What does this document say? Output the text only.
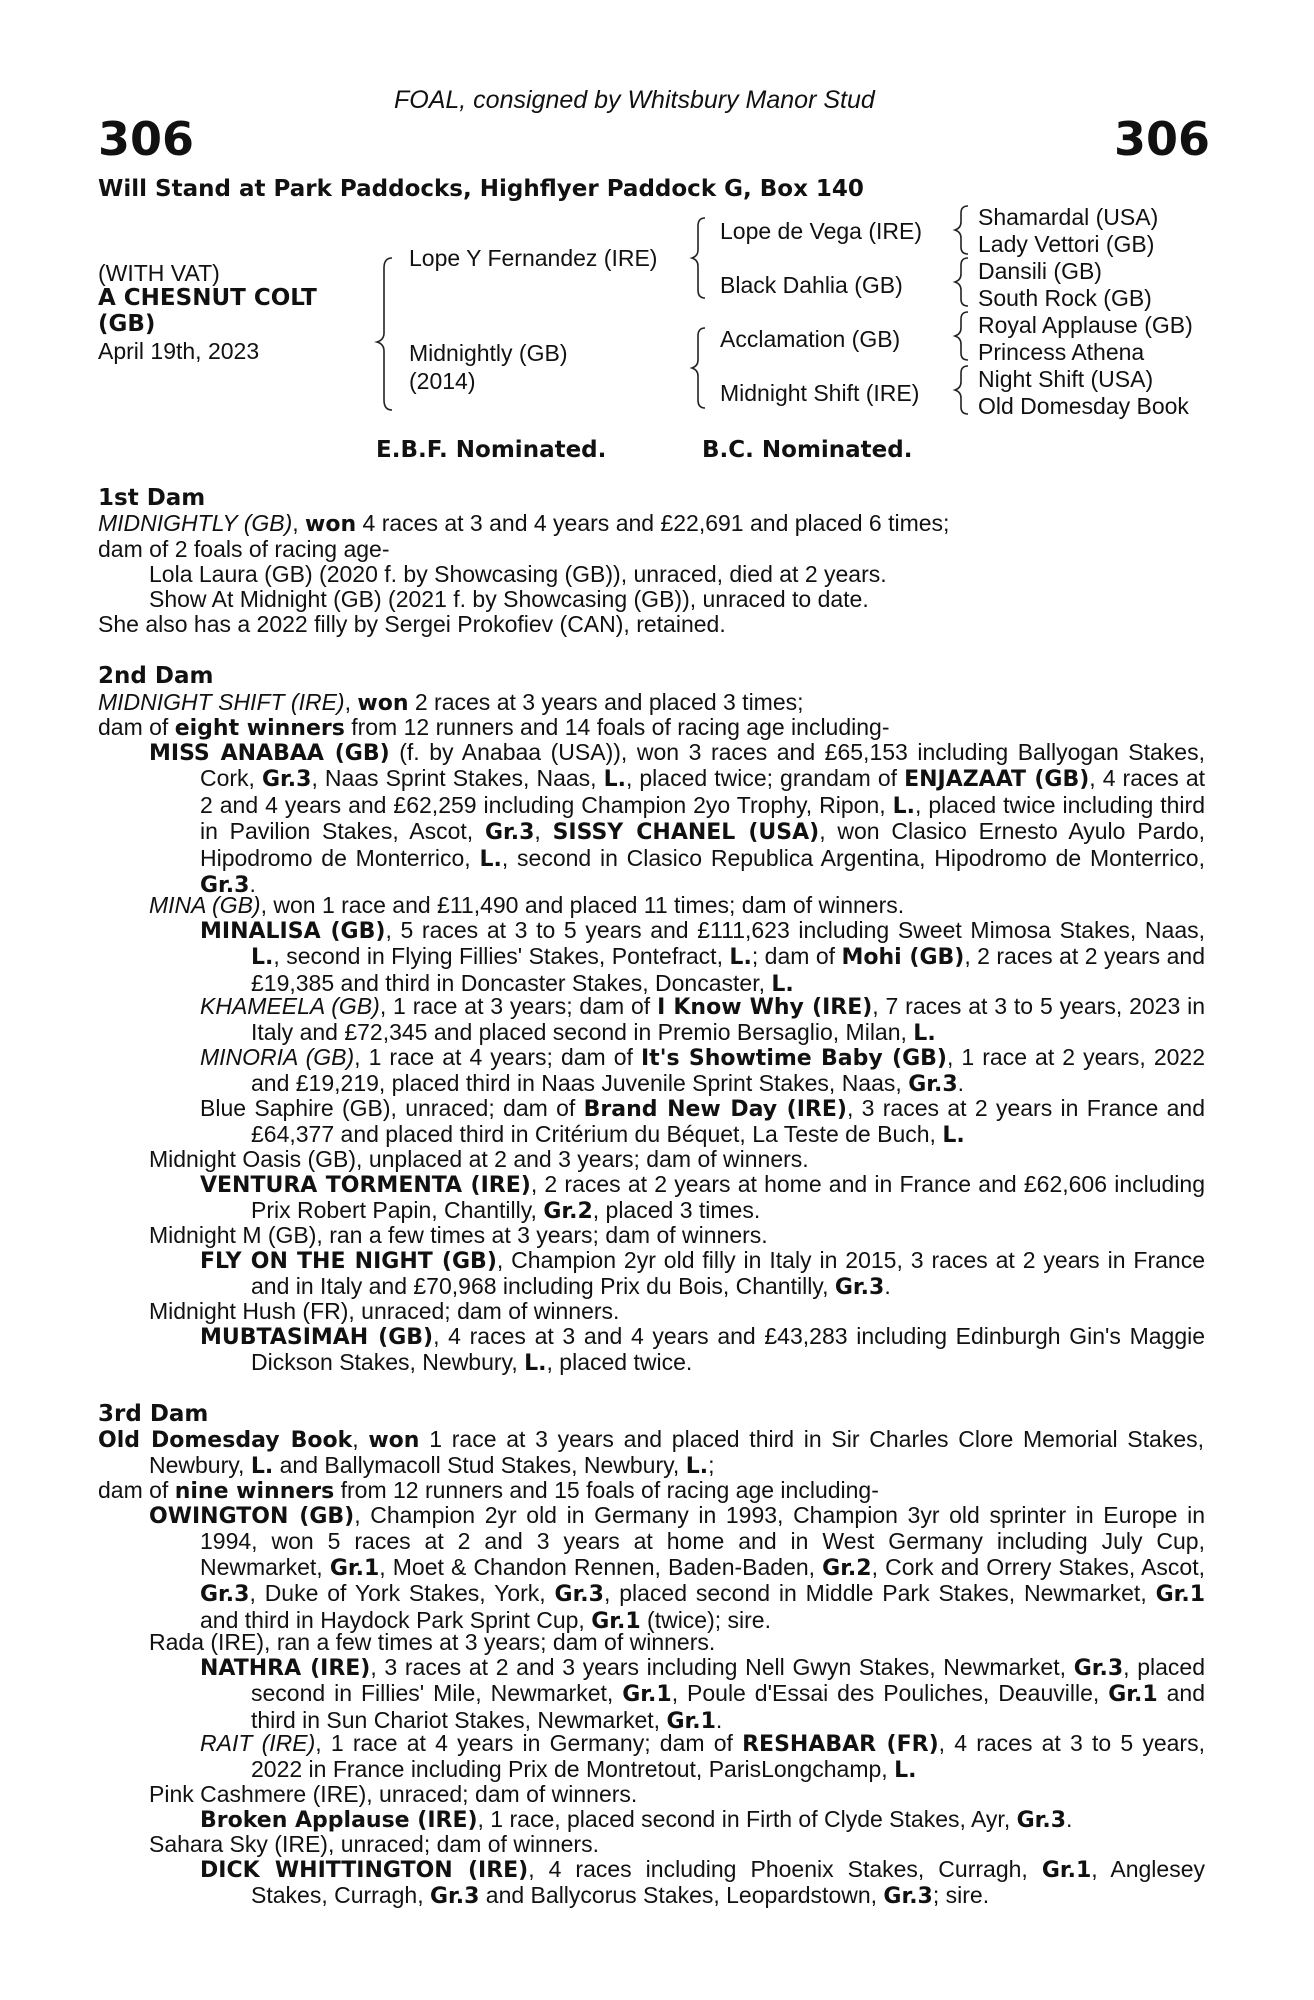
FOAL, consigned by Whitsbury Manor Stud
306	306
Will Stand at Park Paddocks, Highflyer Paddock G, Box 140
(WITH VAT)
A CHESNUT COLT
(GB)
April 19th, 2023
Lope Y Fernandez (IRE)
Midnightly (GB)
(2014)
Lope de Vega (IRE)
Black Dahlia (GB)
Acclamation (GB)
Midnight Shift (IRE)
Shamardal (USA)
Lady Vettori (GB)
Dansili (GB)
South Rock (GB)
Royal Applause (GB)
Princess Athena
Night Shift (USA)
Old Domesday Book
E.B.F. Nominated.	B.C. Nominated.
1st Dam
MIDNIGHTLY (GB), won 4 races at 3 and 4 years and £22,691 and placed 6 times;
dam of 2 foals of racing age-
Lola Laura (GB) (2020 f. by Showcasing (GB)), unraced, died at 2 years.
Show At Midnight (GB) (2021 f. by Showcasing (GB)), unraced to date.
She also has a 2022 filly by Sergei Prokofiev (CAN), retained.
2nd Dam
MIDNIGHT SHIFT (IRE), won 2 races at 3 years and placed 3 times;
dam of eight winners from 12 runners and 14 foals of racing age including-
MISS ANABAA (GB) (f. by Anabaa (USA)), won 3 races and £65,153 including Ballyogan Stakes, Cork, Gr.3, Naas Sprint Stakes, Naas, L., placed twice; grandam of ENJAZAAT (GB), 4 races at 2 and 4 years and £62,259 including Champion 2yo Trophy, Ripon, L., placed twice including third in Pavilion Stakes, Ascot, Gr.3, SISSY CHANEL (USA), won Clasico Ernesto Ayulo Pardo, Hipodromo de Monterrico, L., second in Clasico Republica Argentina, Hipodromo de Monterrico, Gr.3.
MINA (GB), won 1 race and £11,490 and placed 11 times; dam of winners.
MINALISA (GB), 5 races at 3 to 5 years and £111,623 including Sweet Mimosa Stakes, Naas, L., second in Flying Fillies' Stakes, Pontefract, L.; dam of Mohi (GB), 2 races at 2 years and £19,385 and third in Doncaster Stakes, Doncaster, L.
KHAMEELA (GB), 1 race at 3 years; dam of I Know Why (IRE), 7 races at 3 to 5 years, 2023 in Italy and £72,345 and placed second in Premio Bersaglio, Milan, L.
MINORIA (GB), 1 race at 4 years; dam of It's Showtime Baby (GB), 1 race at 2 years, 2022 and £19,219, placed third in Naas Juvenile Sprint Stakes, Naas, Gr.3.
Blue Saphire (GB), unraced; dam of Brand New Day (IRE), 3 races at 2 years in France and £64,377 and placed third in Critérium du Béquet, La Teste de Buch, L.
Midnight Oasis (GB), unplaced at 2 and 3 years; dam of winners.
VENTURA TORMENTA (IRE), 2 races at 2 years at home and in France and £62,606 including Prix Robert Papin, Chantilly, Gr.2, placed 3 times.
Midnight M (GB), ran a few times at 3 years; dam of winners.
FLY ON THE NIGHT (GB), Champion 2yr old filly in Italy in 2015, 3 races at 2 years in France and in Italy and £70,968 including Prix du Bois, Chantilly, Gr.3.
Midnight Hush (FR), unraced; dam of winners.
MUBTASIMAH (GB), 4 races at 3 and 4 years and £43,283 including Edinburgh Gin's Maggie Dickson Stakes, Newbury, L., placed twice.
3rd Dam
Old Domesday Book, won 1 race at 3 years and placed third in Sir Charles Clore Memorial Stakes, Newbury, L. and Ballymacoll Stud Stakes, Newbury, L.;
dam of nine winners from 12 runners and 15 foals of racing age including-
OWINGTON (GB), Champion 2yr old in Germany in 1993, Champion 3yr old sprinter in Europe in 1994, won 5 races at 2 and 3 years at home and in West Germany including July Cup, Newmarket, Gr.1, Moet & Chandon Rennen, Baden-Baden, Gr.2, Cork and Orrery Stakes, Ascot, Gr.3, Duke of York Stakes, York, Gr.3, placed second in Middle Park Stakes, Newmarket, Gr.1 and third in Haydock Park Sprint Cup, Gr.1 (twice); sire.
Rada (IRE), ran a few times at 3 years; dam of winners.
NATHRA (IRE), 3 races at 2 and 3 years including Nell Gwyn Stakes, Newmarket, Gr.3, placed second in Fillies' Mile, Newmarket, Gr.1, Poule d'Essai des Pouliches, Deauville, Gr.1 and third in Sun Chariot Stakes, Newmarket, Gr.1.
RAIT (IRE), 1 race at 4 years in Germany; dam of RESHABAR (FR), 4 races at 3 to 5 years, 2022 in France including Prix de Montretout, ParisLongchamp, L.
Pink Cashmere (IRE), unraced; dam of winners.
Broken Applause (IRE), 1 race, placed second in Firth of Clyde Stakes, Ayr, Gr.3.
Sahara Sky (IRE), unraced; dam of winners.
DICK WHITTINGTON (IRE), 4 races including Phoenix Stakes, Curragh, Gr.1, Anglesey Stakes, Curragh, Gr.3 and Ballycorus Stakes, Leopardstown, Gr.3; sire.
